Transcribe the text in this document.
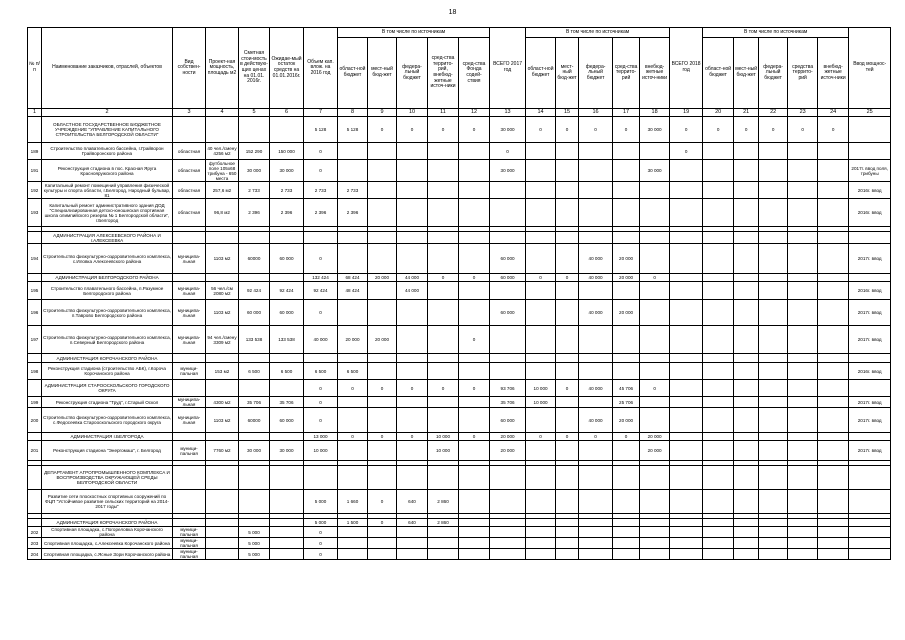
18
№ п/п	Наименование заказчиков, отраслей, объектов	Вид собствен-ности	Проект-ная мощность, площадь м2	Сметная стои-мость в действую-щих ценах на 01.01. 2016г.	Ожидае-мый остаток средств на 01.01.2016г.	Объем кап. влож. на 2016 год	В том числе по источникам					ВСЕГО 2017 год	В том числе по источникам					ВСЕГО 2018 год	В том числе по источникам					Ввод мощнос-тей
							област-ной бюджет	мест-ный бюд-жет	федера-льный бюджет	сред-ства террито-рий, внебюд-жетные источ-ники	сред-ства Фонда содей-ствия		област-ной бюджет	мест-ный бюд-жет	федера-льный бюджет	сред-ства террито-рий	внебюд-жетные источ-ники		област-ной бюджет	мест-ный бюд-жет	федера-льный бюджет	средства террито-рий	внебюд-жетные источ-ники	
1	2	3	4	5	6	7	8	9	10	11	12	13	14	15	16	17	18	19	20	21	22	23	24	25
	ОБЛАСТНОЕ ГОСУДАРСТВЕННОЕ БЮДЖЕТНОЕ УЧРЕЖДЕНИЕ "УПРАВЛЕНИЕ КАПИТАЛЬНОГО СТРОИТЕЛЬСТВА БЕЛГОРОДСКОЙ ОБЛАСТИ"					5 128	5 128	0	0	0	0	30 000	0	0	0	0	30 000	0	0	0	0	0	0	
189	Строительство плавательного бассейна, г.Грайворон Грайворонского района	областная	40 чел./смену 4256 м2	152 290	150 000	0						0						0						
191	Реконструкция стадиона в пос. Красная Яруга Краснояружского района	областная	футбольное поле 105х68 трибуна - 650 места	30 000	30 000	0						30 000					30 000							2017г. ввод поля, трибуны
192	Капитальный ремонт помещений управления физической культуры и спорта области, г.Белгород, Народный бульвар, 81	областная	257,6 м2	2 733	2 733	2 733	2 733																	2016г. ввод
193	Капитальный ремонт административного здания ДОД "Специализированная детско-юношеская спортивная школа олимпийского резерва № 1 Белгородской области", г.Белгород	областная	96,8 м2	2 396	2 396	2 396	2 396																	2016г. ввод

	АДМИНИСТРАЦИЯ АЛЕКСЕЕВСКОГО РАЙОНА И г.АЛЕКСЕЕВКА																							
194	Строительство физкультурно-оздоровительного комплекса, с.Иловка Алексеевского района	муниципа-льная	1103 м2	60000	60 000	0						60 000			40 000	20 000								2017г. ввод
	АДМИНИСТРАЦИЯ БЕЛГОРОДСКОГО РАЙОНА					132 424	68 424	20 000	44 000	0	0	60 000	0	0	40 000	20 000	0							
195	Строительство плавательного бассейна, п.Разумное Белгородского района	муниципа-льная	56 чел./см 2080 м2	92 424	92 424	92 424	48 424		44 000															2016г. ввод
196	Строительство физкультурно-оздоровительного комплекса, п.Таврово Белгородского района	муниципа-льная	1103 м2	60 000	60 000	0						60 000			40 000	20 000								2017г. ввод
197	Строительство физкультурно-оздоровительного комплекса, п.Северный Белгородского района	муниципа-льная	94 чел./смену 3309 м2	133 538	133 538	40 000	20 000	20 000			0													2017г. ввод
	АДМИНИСТРАЦИЯ КОРОЧАНСКОГО РАЙОНА																							
198	Реконструкция стадиона (строительство АБК), г.Короча Корочанского района	муници-пальная	153 м2	6 500	6 500	6 500	6 500																	2016г. ввод
	АДМИНИСТРАЦИЯ СТАРООСКОЛЬСКОГО ГОРОДСКОГО ОКРУГА					0	0	0	0	0	0	93 706	10 000	0	40 000	45 706	0							
199	Реконструкция стадиона "Труд", г.Старый Оскол	муниципа-льная	4300 м2	35 706	35 706	0						35 706	10 000			25 706								2017г. ввод
200	Строительство физкультурно-оздоровительного комплекса, с.Федосеевка Старооскольского городского округа	муниципа-льная	1103 м2	60000	60 000	0						60 000			40 000	20 000								2017г. ввод
	АДМИНИСТРАЦИЯ г.БЕЛГОРОДА					13 000	0	0	0	10 000	0	20 000	0	0	0	0	20 000							
201	Реконструкция стадиона "Энергомаш", г. Белгород	муници-пальная	7760 м2	30 000	30 000	10 000				10 000		20 000					20 000							2017г. ввод

	ДЕПАРТАМЕНТ АГРОПРОМЫШЛЕННОГО КОМПЛЕКСА И ВОСПРОИЗВОДСТВА ОКРУЖАЮЩЕЙ СРЕДЫ БЕЛГОРОДСКОЙ ОБЛАСТИ																							
	Развитие сети плоскостных спортивных сооружений по ФЦП "Устойчивое развитие сельских территорий на 2014-2017 годы"					5 000	1 660	0	640	2 860														

	АДМИНИСТРАЦИЯ КОРОЧАНСКОГО РАЙОНА					5 000	1 500	0	640	2 860														
202	Спортивная площадка, с.Погореловка Корочанского района	муници-пальная		5 000		0																		
203	Спортивная площадка, с.Алексеевка Корочанского района	муници-пальная		5 000		0																		
204	Спортивная площадка, с.Ясные Зори Корочанского района	муници-пальная		5 000		0																		
